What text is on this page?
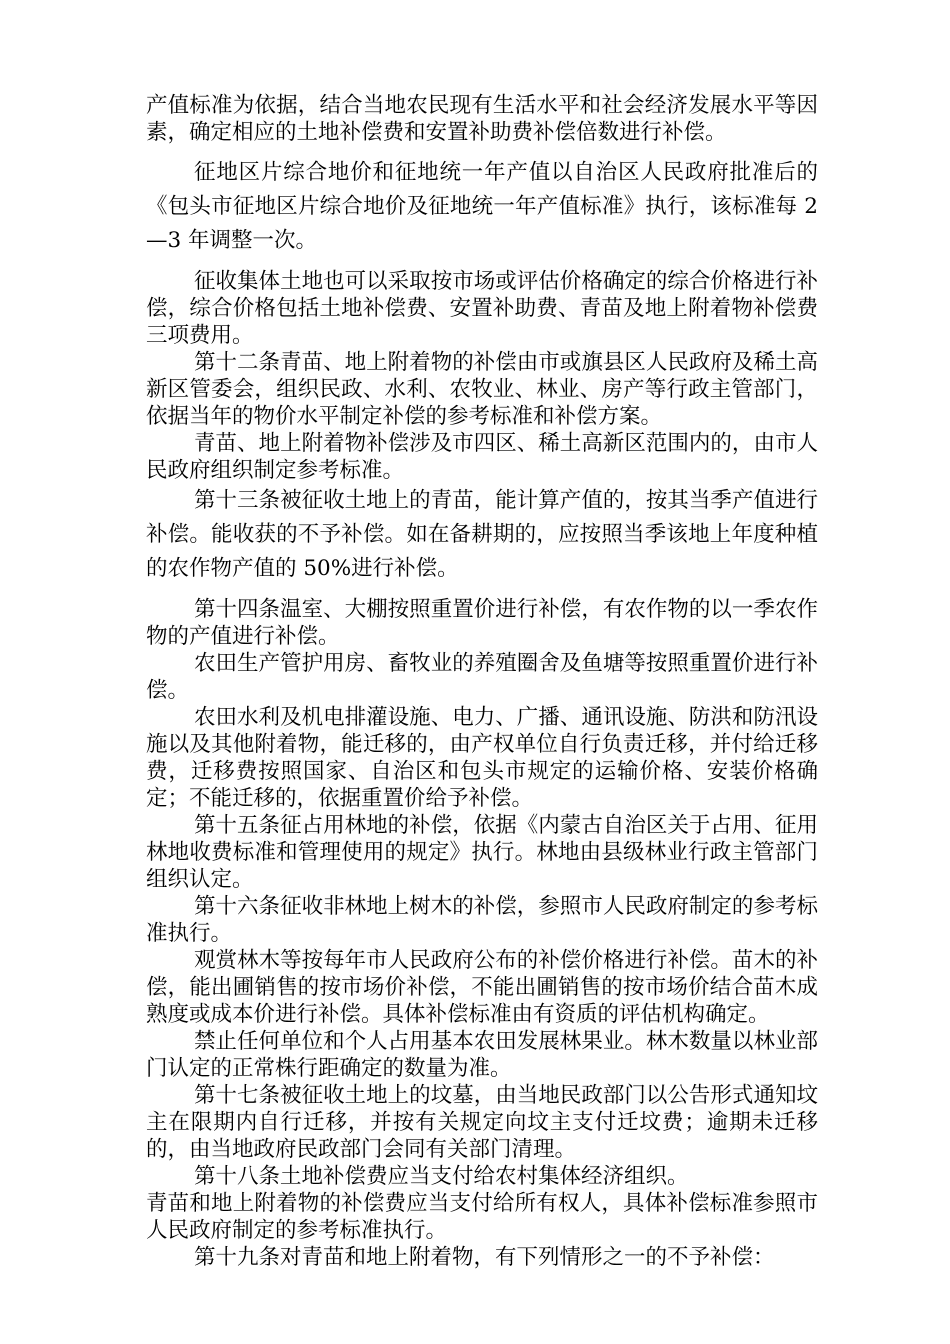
产值标准为依据，结合当地农民现有生活水平和社会经济发展水平等因素，确定相应的土地补偿费和安置补助费补偿倍数进行补偿。

征地区片综合地价和征地统一年产值以自治区人民政府批准后的《包头市征地区片综合地价及征地统一年产值标准》执行，该标准每 2—3 年调整一次。

征收集体土地也可以采取按市场或评估价格确定的综合价格进行补偿，综合价格包括土地补偿费、安置补助费、青苗及地上附着物补偿费三项费用。

第十二条青苗、地上附着物的补偿由市或旗县区人民政府及稀土高新区管委会，组织民政、水利、农牧业、林业、房产等行政主管部门，依据当年的物价水平制定补偿的参考标准和补偿方案。

青苗、地上附着物补偿涉及市四区、稀土高新区范围内的，由市人民政府组织制定参考标准。

第十三条被征收土地上的青苗，能计算产值的，按其当季产值进行补偿。能收获的不予补偿。如在备耕期的，应按照当季该地上年度种植的农作物产值的 50%进行补偿。

第十四条温室、大棚按照重置价进行补偿，有农作物的以一季农作物的产值进行补偿。

农田生产管护用房、畜牧业的养殖圈舍及鱼塘等按照重置价进行补偿。

农田水利及机电排灌设施、电力、广播、通讯设施、防洪和防汛设施以及其他附着物，能迁移的，由产权单位自行负责迁移，并付给迁移费，迁移费按照国家、自治区和包头市规定的运输价格、安装价格确定；不能迁移的，依据重置价给予补偿。

第十五条征占用林地的补偿，依据《内蒙古自治区关于占用、征用林地收费标准和管理使用的规定》执行。林地由县级林业行政主管部门组织认定。

第十六条征收非林地上树木的补偿，参照市人民政府制定的参考标准执行。

观赏林木等按每年市人民政府公布的补偿价格进行补偿。苗木的补偿，能出圃销售的按市场价补偿，不能出圃销售的按市场价结合苗木成熟度或成本价进行补偿。具体补偿标准由有资质的评估机构确定。

禁止任何单位和个人占用基本农田发展林果业。林木数量以林业部门认定的正常株行距确定的数量为准。

第十七条被征收土地上的坟墓，由当地民政部门以公告形式通知坟主在限期内自行迁移，并按有关规定向坟主支付迁坟费；逾期未迁移的，由当地政府民政部门会同有关部门清理。

第十八条土地补偿费应当支付给农村集体经济组织。

青苗和地上附着物的补偿费应当支付给所有权人，具体补偿标准参照市人民政府制定的参考标准执行。

第十九条对青苗和地上附着物，有下列情形之一的不予补偿：
